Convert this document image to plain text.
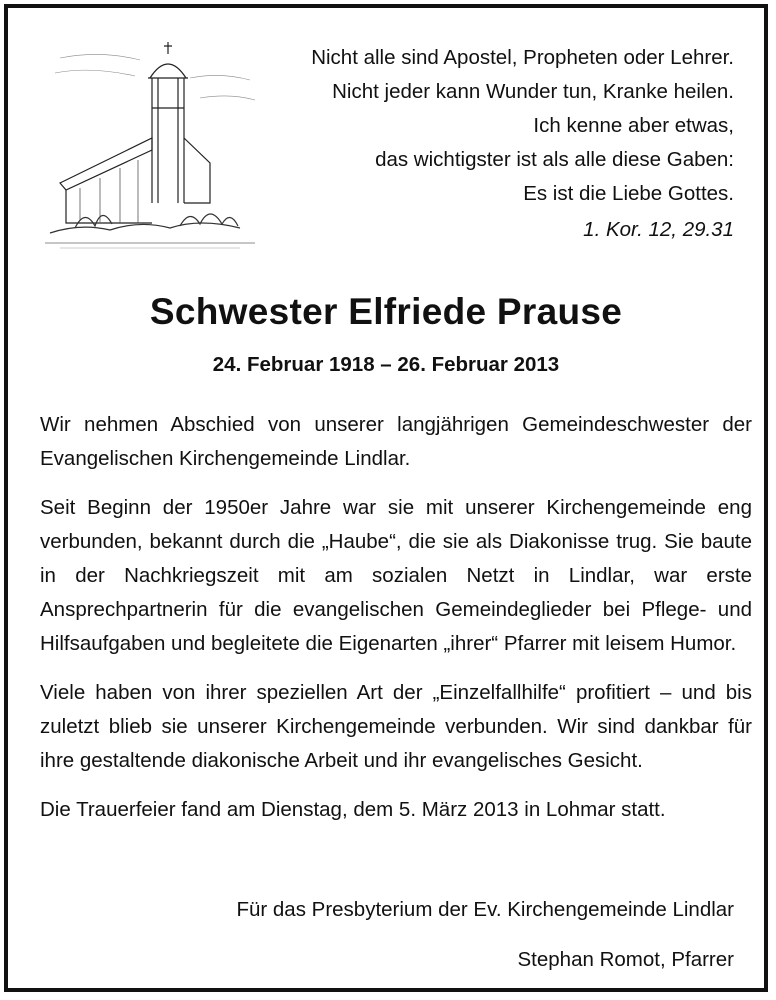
Nicht alle sind Apostel, Propheten oder Lehrer.
Nicht jeder kann Wunder tun, Kranke heilen.
Ich kenne aber etwas,
das wichtigster ist als alle diese Gaben:
Es ist die Liebe Gottes.
1. Kor. 12, 29.31
Schwester Elfriede Prause
24. Februar 1918 – 26. Februar 2013

Wir nehmen Abschied von unserer langjährigen Gemeindeschwester der Evangelischen Kirchengemeinde Lindlar.

Seit Beginn der 1950er Jahre war sie mit unserer Kirchengemeinde eng verbunden, bekannt durch die „Haube“, die sie als Diakonisse trug. Sie baute in der Nachkriegszeit mit am sozialen Netzt in Lindlar, war erste Ansprechpartnerin für die evangelischen Gemeindeglieder bei Pflege- und Hilfsaufgaben und begleitete die Eigenarten „ihrer“ Pfarrer mit leisem Humor.

Viele haben von ihrer speziellen Art der „Einzelfallhilfe“ profitiert – und bis zuletzt blieb sie unserer Kirchengemeinde verbunden. Wir sind dankbar für ihre gestaltende diakonische Arbeit und ihr evangelisches Gesicht.

Die Trauerfeier fand am Dienstag, dem 5. März 2013 in Lohmar statt.

Für das Presbyterium der Ev. Kirchengemeinde Lindlar
Stephan Romot, Pfarrer
